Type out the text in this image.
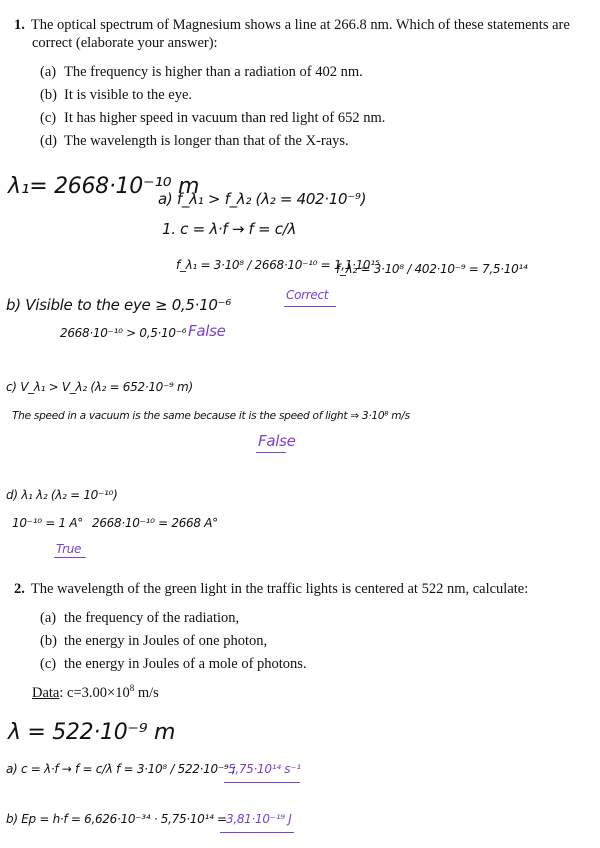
1. The optical spectrum of Magnesium shows a line at 266.8 nm. Which of these statements are
correct (elaborate your answer):
(a) The frequency is higher than a radiation of 402 nm.
(b) It is visible to the eye.
(c) It has higher speed in vacuum than red light of 652 nm.
(d) The wavelength is longer than that of the X-rays.
λ₁= 2668·10⁻¹⁰ m
a) f_λ₁ > f_λ₂ (λ₂ = 402·10⁻⁹)
1. c = λ·f → f = c/λ
f_λ₁ = 3·10⁸ / 2668·10⁻¹⁰ = 1,1·10¹⁵
f_λ₂ = 3·10⁸ / 402·10⁻⁹ = 7,5·10¹⁴
Correct
b) Visible to the eye ≥ 0,5·10⁻⁶
2668·10⁻¹⁰ > 0,5·10⁻⁶ False
c) V_λ₁ > V_λ₂ (λ₂ = 652·10⁻⁹ m)
The speed in a vacuum is the same because it is the speed of light ⇒ 3·10⁸ m/s
False
d) λ₁ λ₂ (λ₂ = 10⁻¹⁰)
10⁻¹⁰ = 1 A° 2668·10⁻¹⁰ = 2668 A°
True
2. The wavelength of the green light in the traffic lights is centered at 522 nm, calculate:
(a) the frequency of the radiation,
(b) the energy in Joules of one photon,
(c) the energy in Joules of a mole of photons.
Data: $c=3.00\times 10^8$ m/s
λ = 522·10⁻⁹ m
a) c = λ·f → f = c/λ f = 3·10⁸ / 522·10⁻⁹ ;
5,75·10¹⁴ s⁻¹
b) Ep = h·f = 6,626·10⁻³⁴ · 5,75·10¹⁴ = 3,81·10⁻¹⁹ J
